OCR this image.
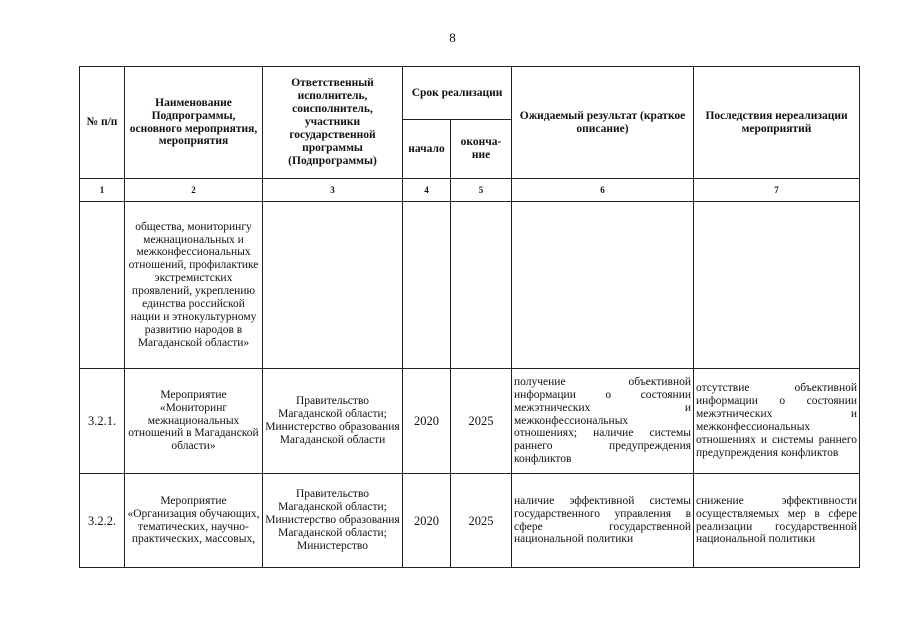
8
№ п/п	Наименование Подпрограммы, основного мероприятия, мероприятия	Ответственный исполнитель, соисполнитель, участники государственной программы (Подпрограммы)	Срок реализации		Ожидаемый результат (краткое описание)	Последствия нереализации мероприятий
			начало	оконча-ние		
1	2	3	4	5	6	7
	общества, мониторингу межнациональных и межконфессиональных отношений, профилактике экстремистских проявлений, укреплению единства российской нации и этнокультурному развитию народов в Магаданской области»					
3.2.1.	Мероприятие «Мониторинг межнациональных отношений в Магаданской области»	Правительство Магаданской области; Министерство образования Магаданской области	2020	2025	получение объективной информации о состоянии межэтнических и межконфессиональных отношениях; наличие системы раннего предупреждения конфликтов	отсутствие объективной информации о состоянии межэтнических и межконфессиональных отношениях и системы раннего предупреждения конфликтов
3.2.2.	Мероприятие «Организация обучающих, тематических, научно-практических, массовых,	Правительство Магаданской области; Министерство образования Магаданской области; Министерство	2020	2025	наличие эффективной системы государственного управления в сфере государственной национальной политики	снижение эффективности осуществляемых мер в сфере реализации государственной национальной политики
